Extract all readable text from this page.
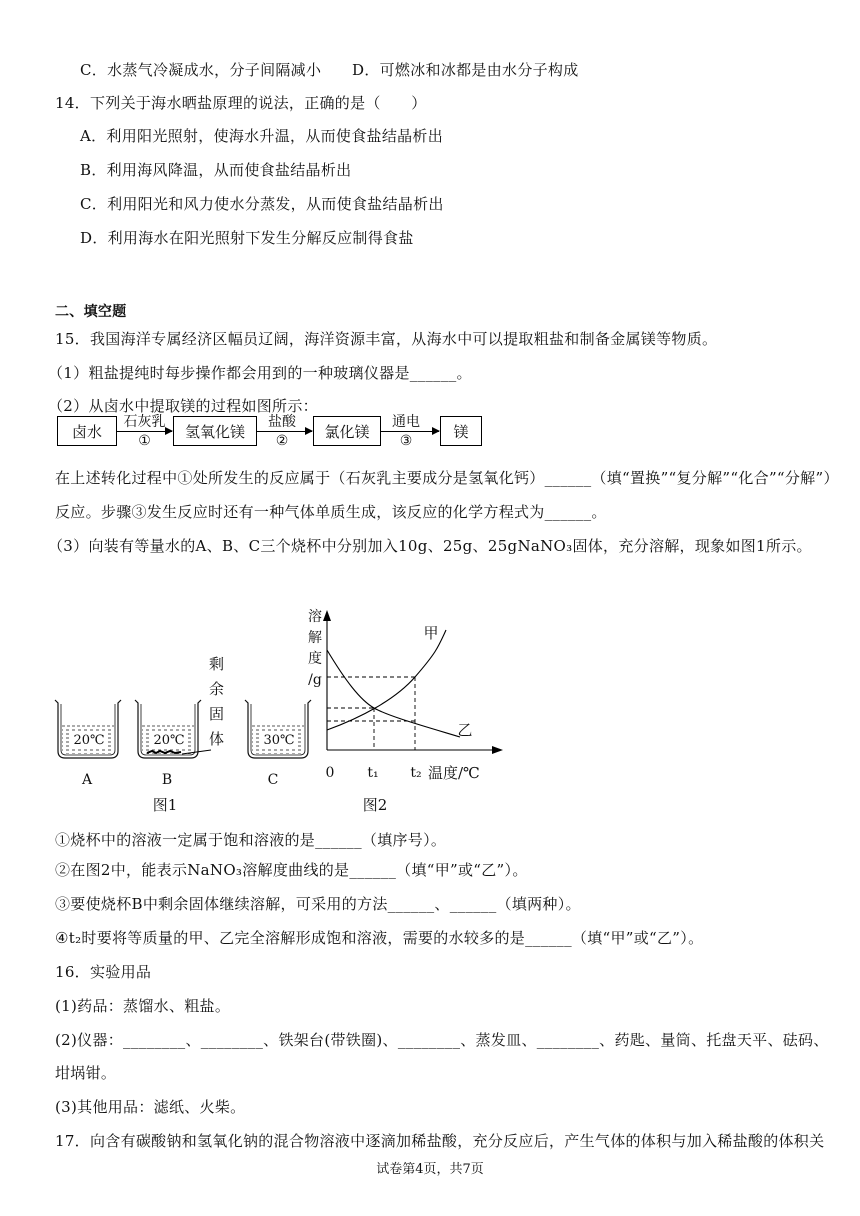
C．水蒸气冷凝成水，分子间隔减小 D．可燃冰和冰都是由水分子构成
14．下列关于海水晒盐原理的说法，正确的是（　　）
A．利用阳光照射，使海水升温，从而使食盐结晶析出
B．利用海风降温，从而使食盐结晶析出
C．利用阳光和风力使水分蒸发，从而使食盐结晶析出
D．利用海水在阳光照射下发生分解反应制得食盐
二、填空题
15．我国海洋专属经济区幅员辽阔，海洋资源丰富，从海水中可以提取粗盐和制备金属镁等物质。
（1）粗盐提纯时每步操作都会用到的一种玻璃仪器是______。
（2）从卤水中提取镁的过程如图所示：
卤水
石灰乳
①
氢氧化镁
盐酸
②
氯化镁
通电
③
镁
在上述转化过程中①处所发生的反应属于（石灰乳主要成分是氢氧化钙）______（填“置换”“复分解”“化合”“分解”）
反应。步骤③发生反应时还有一种气体单质生成，该反应的化学方程式为______。
（3）向装有等量水的A、B、C三个烧杯中分别加入10g、25g、25gNaNO₃固体，充分溶解，现象如图1所示。
20℃	20℃	30℃
剩余固体
A	B	C
图1
溶
解
度
/g
甲
乙
0	t₁	t₂ 温度/℃
图2
①烧杯中的溶液一定属于饱和溶液的是______（填序号）。
②在图2中，能表示NaNO₃溶解度曲线的是______（填“甲”或“乙”）。
③要使烧杯B中剩余固体继续溶解，可采用的方法______、______（填两种）。
④t₂时要将等质量的甲、乙完全溶解形成饱和溶液，需要的水较多的是______（填“甲”或“乙”）。
16．实验用品
(1)药品：蒸馏水、粗盐。
(2)仪器：________、________、铁架台(带铁圈)、________、蒸发皿、________、药匙、量筒、托盘天平、砝码、
坩埚钳。
(3)其他用品：滤纸、火柴。
17．向含有碳酸钠和氢氧化钠的混合物溶液中逐滴加稀盐酸，充分反应后，产生气体的体积与加入稀盐酸的体积关
试卷第4页，共7页
